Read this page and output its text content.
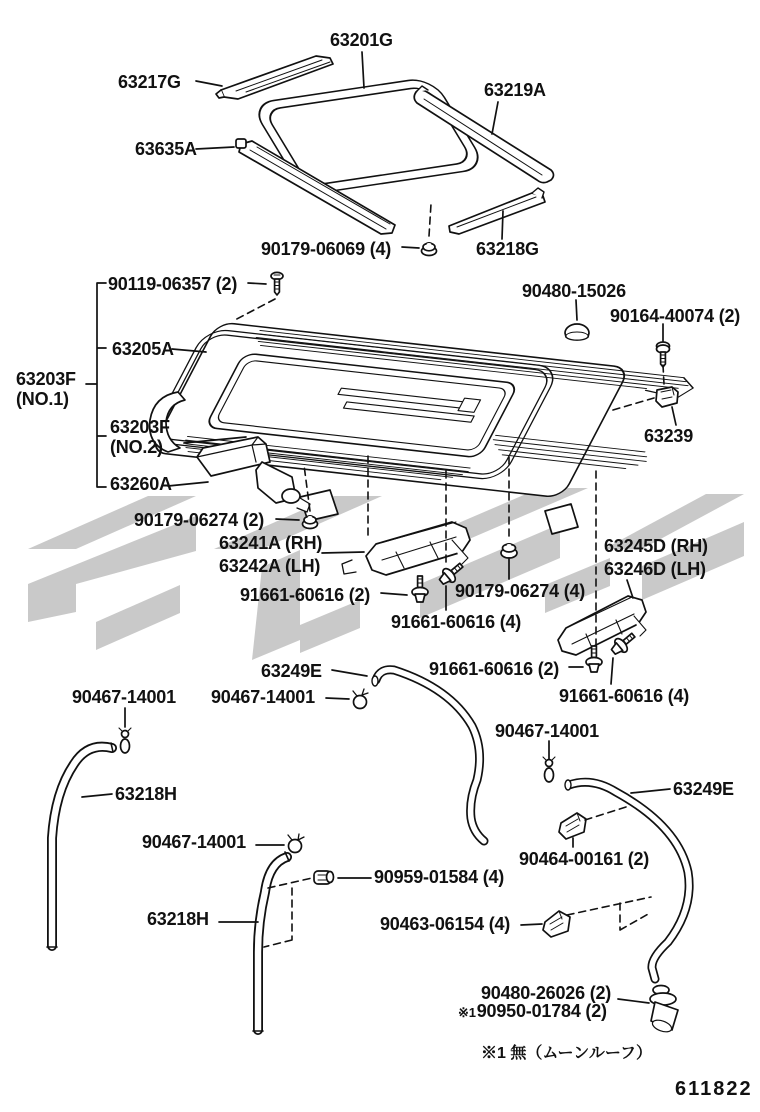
63201G
63217G	63219A
63635A
90179-06069 (4)	63218G
90119-06357 (2)	90480-15026
90164-40074 (2)
63205A
63203F
(NO.1)
63203F
(NO.2)
63260A
90179-06274 (2)
63241A (RH)
63242A (LH)
91661-60616 (2)	90179-06274 (4)
91661-60616 (4)
63245D (RH)
63246D (LH)
91661-60616 (2)
91661-60616 (4)
63249E
90467-14001
90467-14001
63218H
90467-14001
90467-14001
63249E
90464-00161 (2)
90959-01584 (4)
63218H	90463-06154 (4)
90480-26026 (2)
※190950-01784 (2)
63239
※1 無（ムーンルーフ）
611822
